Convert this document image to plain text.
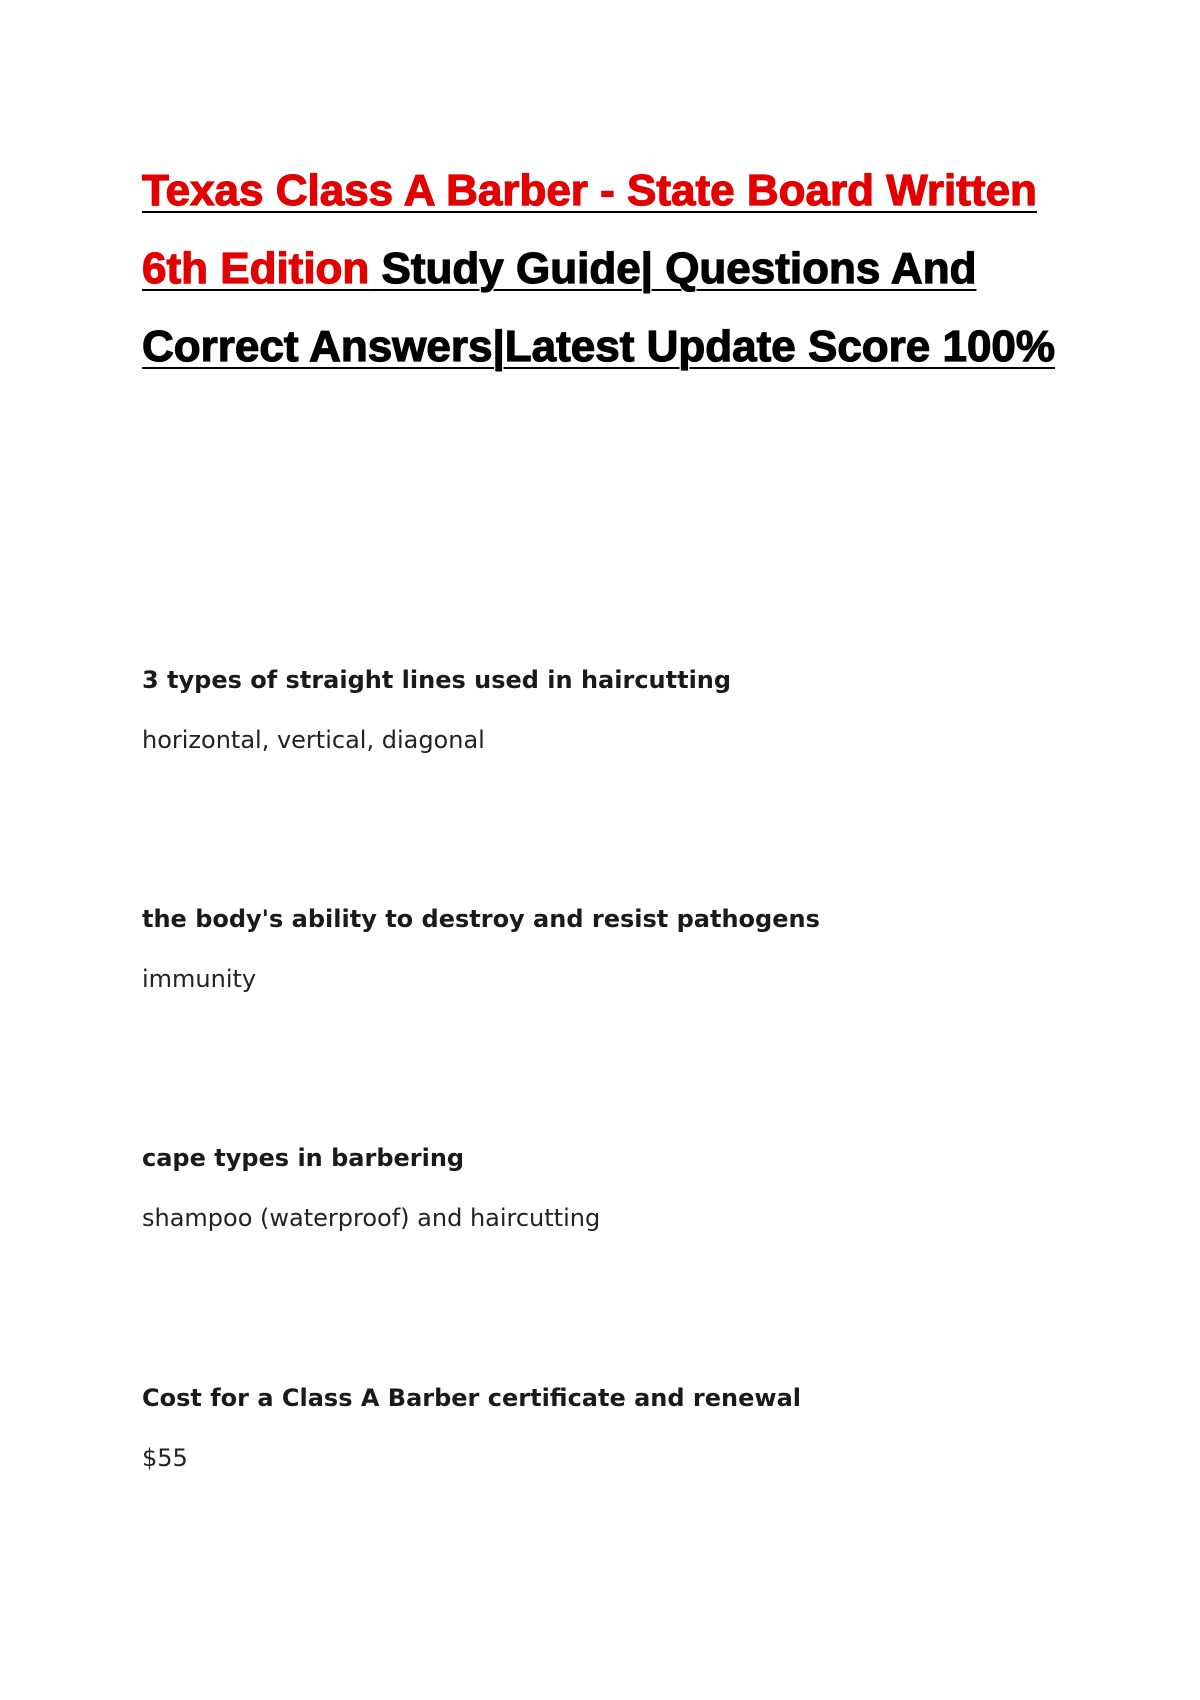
Texas Class A Barber - State Board Written 6th Edition Study Guide| Questions And Correct Answers|Latest Update Score 100%

3 types of straight lines used in haircutting

horizontal, vertical, diagonal

the body's ability to destroy and resist pathogens

immunity

cape types in barbering

shampoo (waterproof) and haircutting

Cost for a Class A Barber certificate and renewal

$55
